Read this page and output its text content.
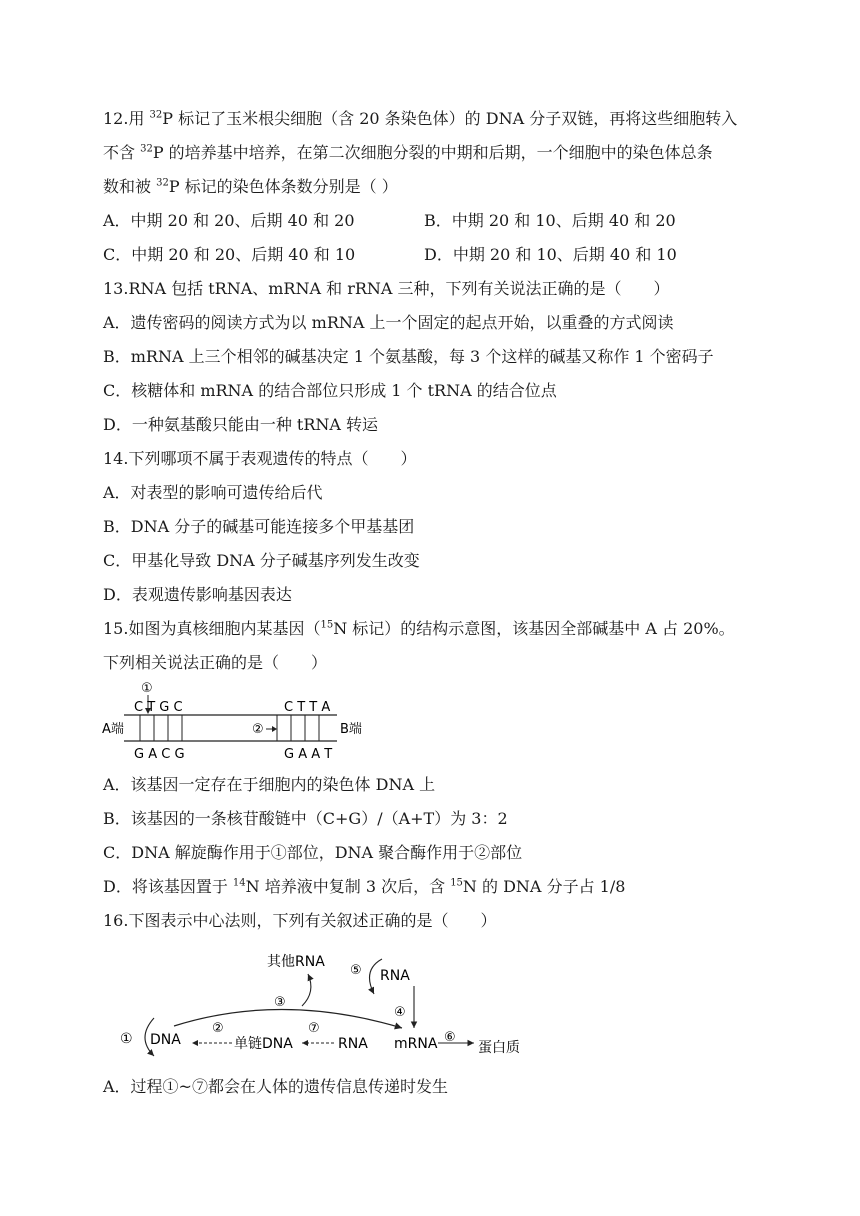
12.用 $^{32}$P 标记了玉米根尖细胞（含 20 条染色体）的 DNA 分子双链，再将这些细胞转入
不含 $^{32}$P 的培养基中培养，在第二次细胞分裂的中期和后期，一个细胞中的染色体总条
数和被 $^{32}$P 标记的染色体条数分别是（ ）
A．中期 20 和 20、后期 40 和 20	B．中期 20 和 10、后期 40 和 20
C．中期 20 和 20、后期 40 和 10	D．中期 20 和 10、后期 40 和 10
13.RNA 包括 tRNA、mRNA 和 rRNA 三种，下列有关说法正确的是（　　）
A．遗传密码的阅读方式为以 mRNA 上一个固定的起点开始，以重叠的方式阅读
B．mRNA 上三个相邻的碱基决定 1 个氨基酸，每 3 个这样的碱基又称作 1 个密码子
C．核糖体和 mRNA 的结合部位只形成 1 个 tRNA 的结合位点
D．一种氨基酸只能由一种 tRNA 转运
14.下列哪项不属于表观遗传的特点（　　）
A．对表型的影响可遗传给后代
B．DNA 分子的碱基可能连接多个甲基基团
C．甲基化导致 DNA 分子碱基序列发生改变
D．表观遗传影响基因表达
15.如图为真核细胞内某基因（$^{15}$N 标记）的结构示意图，该基因全部碱基中 A 占 20%。
下列相关说法正确的是（　　）
①
C T G C	C T T A
G A C G	G A A T
A端	B端
②
A．该基因一定存在于细胞内的染色体 DNA 上
B．该基因的一条核苷酸链中（C+G）/（A+T）为 3：2
C．DNA 解旋酶作用于①部位，DNA 聚合酶作用于②部位
D．将该基因置于 $^{14}$N 培养液中复制 3 次后，含 $^{15}$N 的 DNA 分子占 1/8
16.下图表示中心法则，下列有关叙述正确的是（　　）
其他RNA
③
⑤ RNA
④
① DNA
②
单链DNA
⑦
RNA mRNA ⑥
蛋白质
A．过程①~⑦都会在人体的遗传信息传递时发生
